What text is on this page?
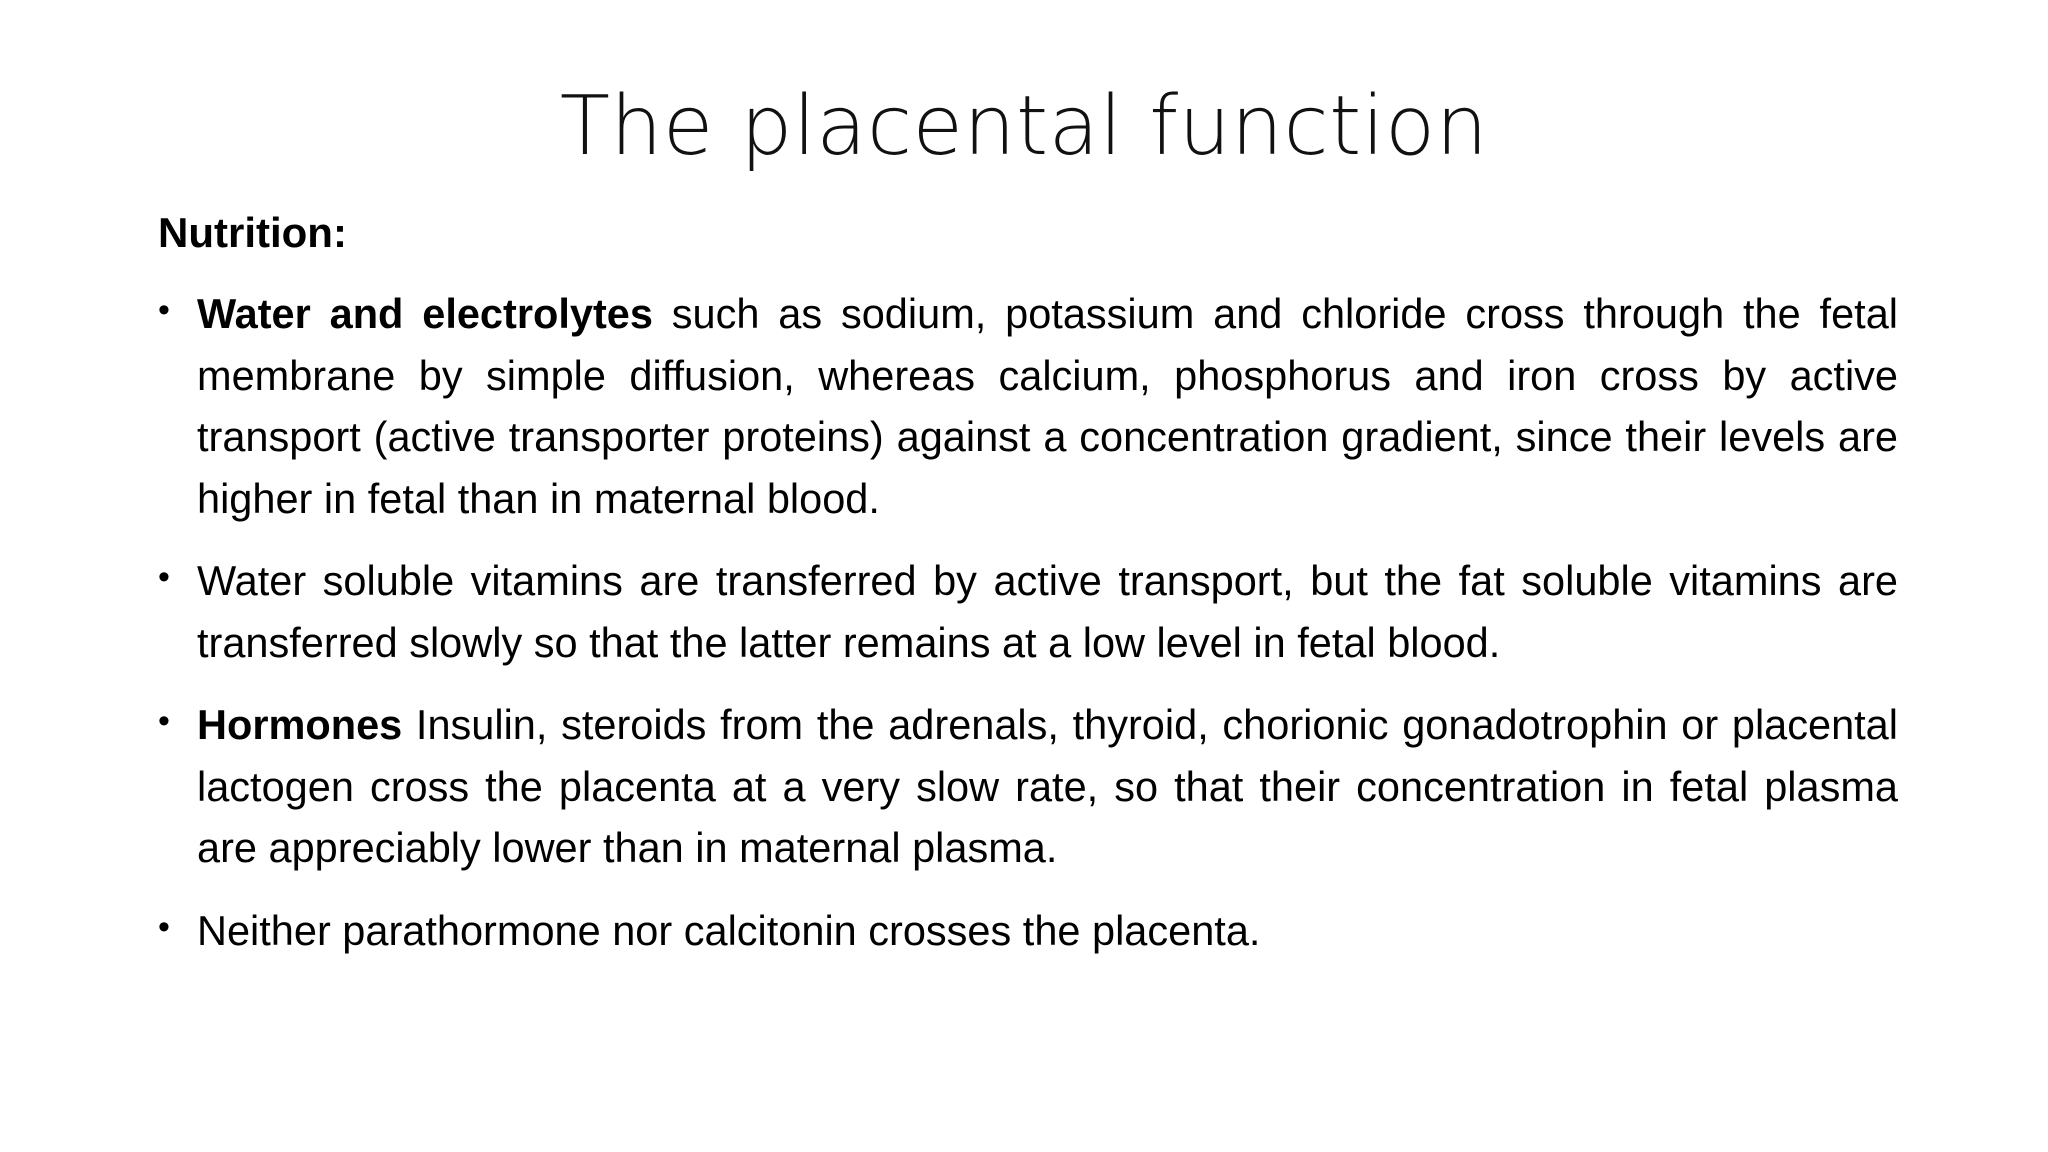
The placental function

Nutrition:

• Water and electrolytes such as sodium, potassium and chloride cross through the fetal membrane by simple diffusion, whereas calcium, phosphorus and iron cross by active transport (active transporter proteins) against a concentration gradient, since their levels are higher in fetal than in maternal blood.
• Water soluble vitamins are transferred by active transport, but the fat soluble vitamins are transferred slowly so that the latter remains at a low level in fetal blood.
• Hormones Insulin, steroids from the adrenals, thyroid, chorionic gonadotrophin or placental lactogen cross the placenta at a very slow rate, so that their concentration in fetal plasma are appreciably lower than in maternal plasma.
• Neither parathormone nor calcitonin crosses the placenta.
